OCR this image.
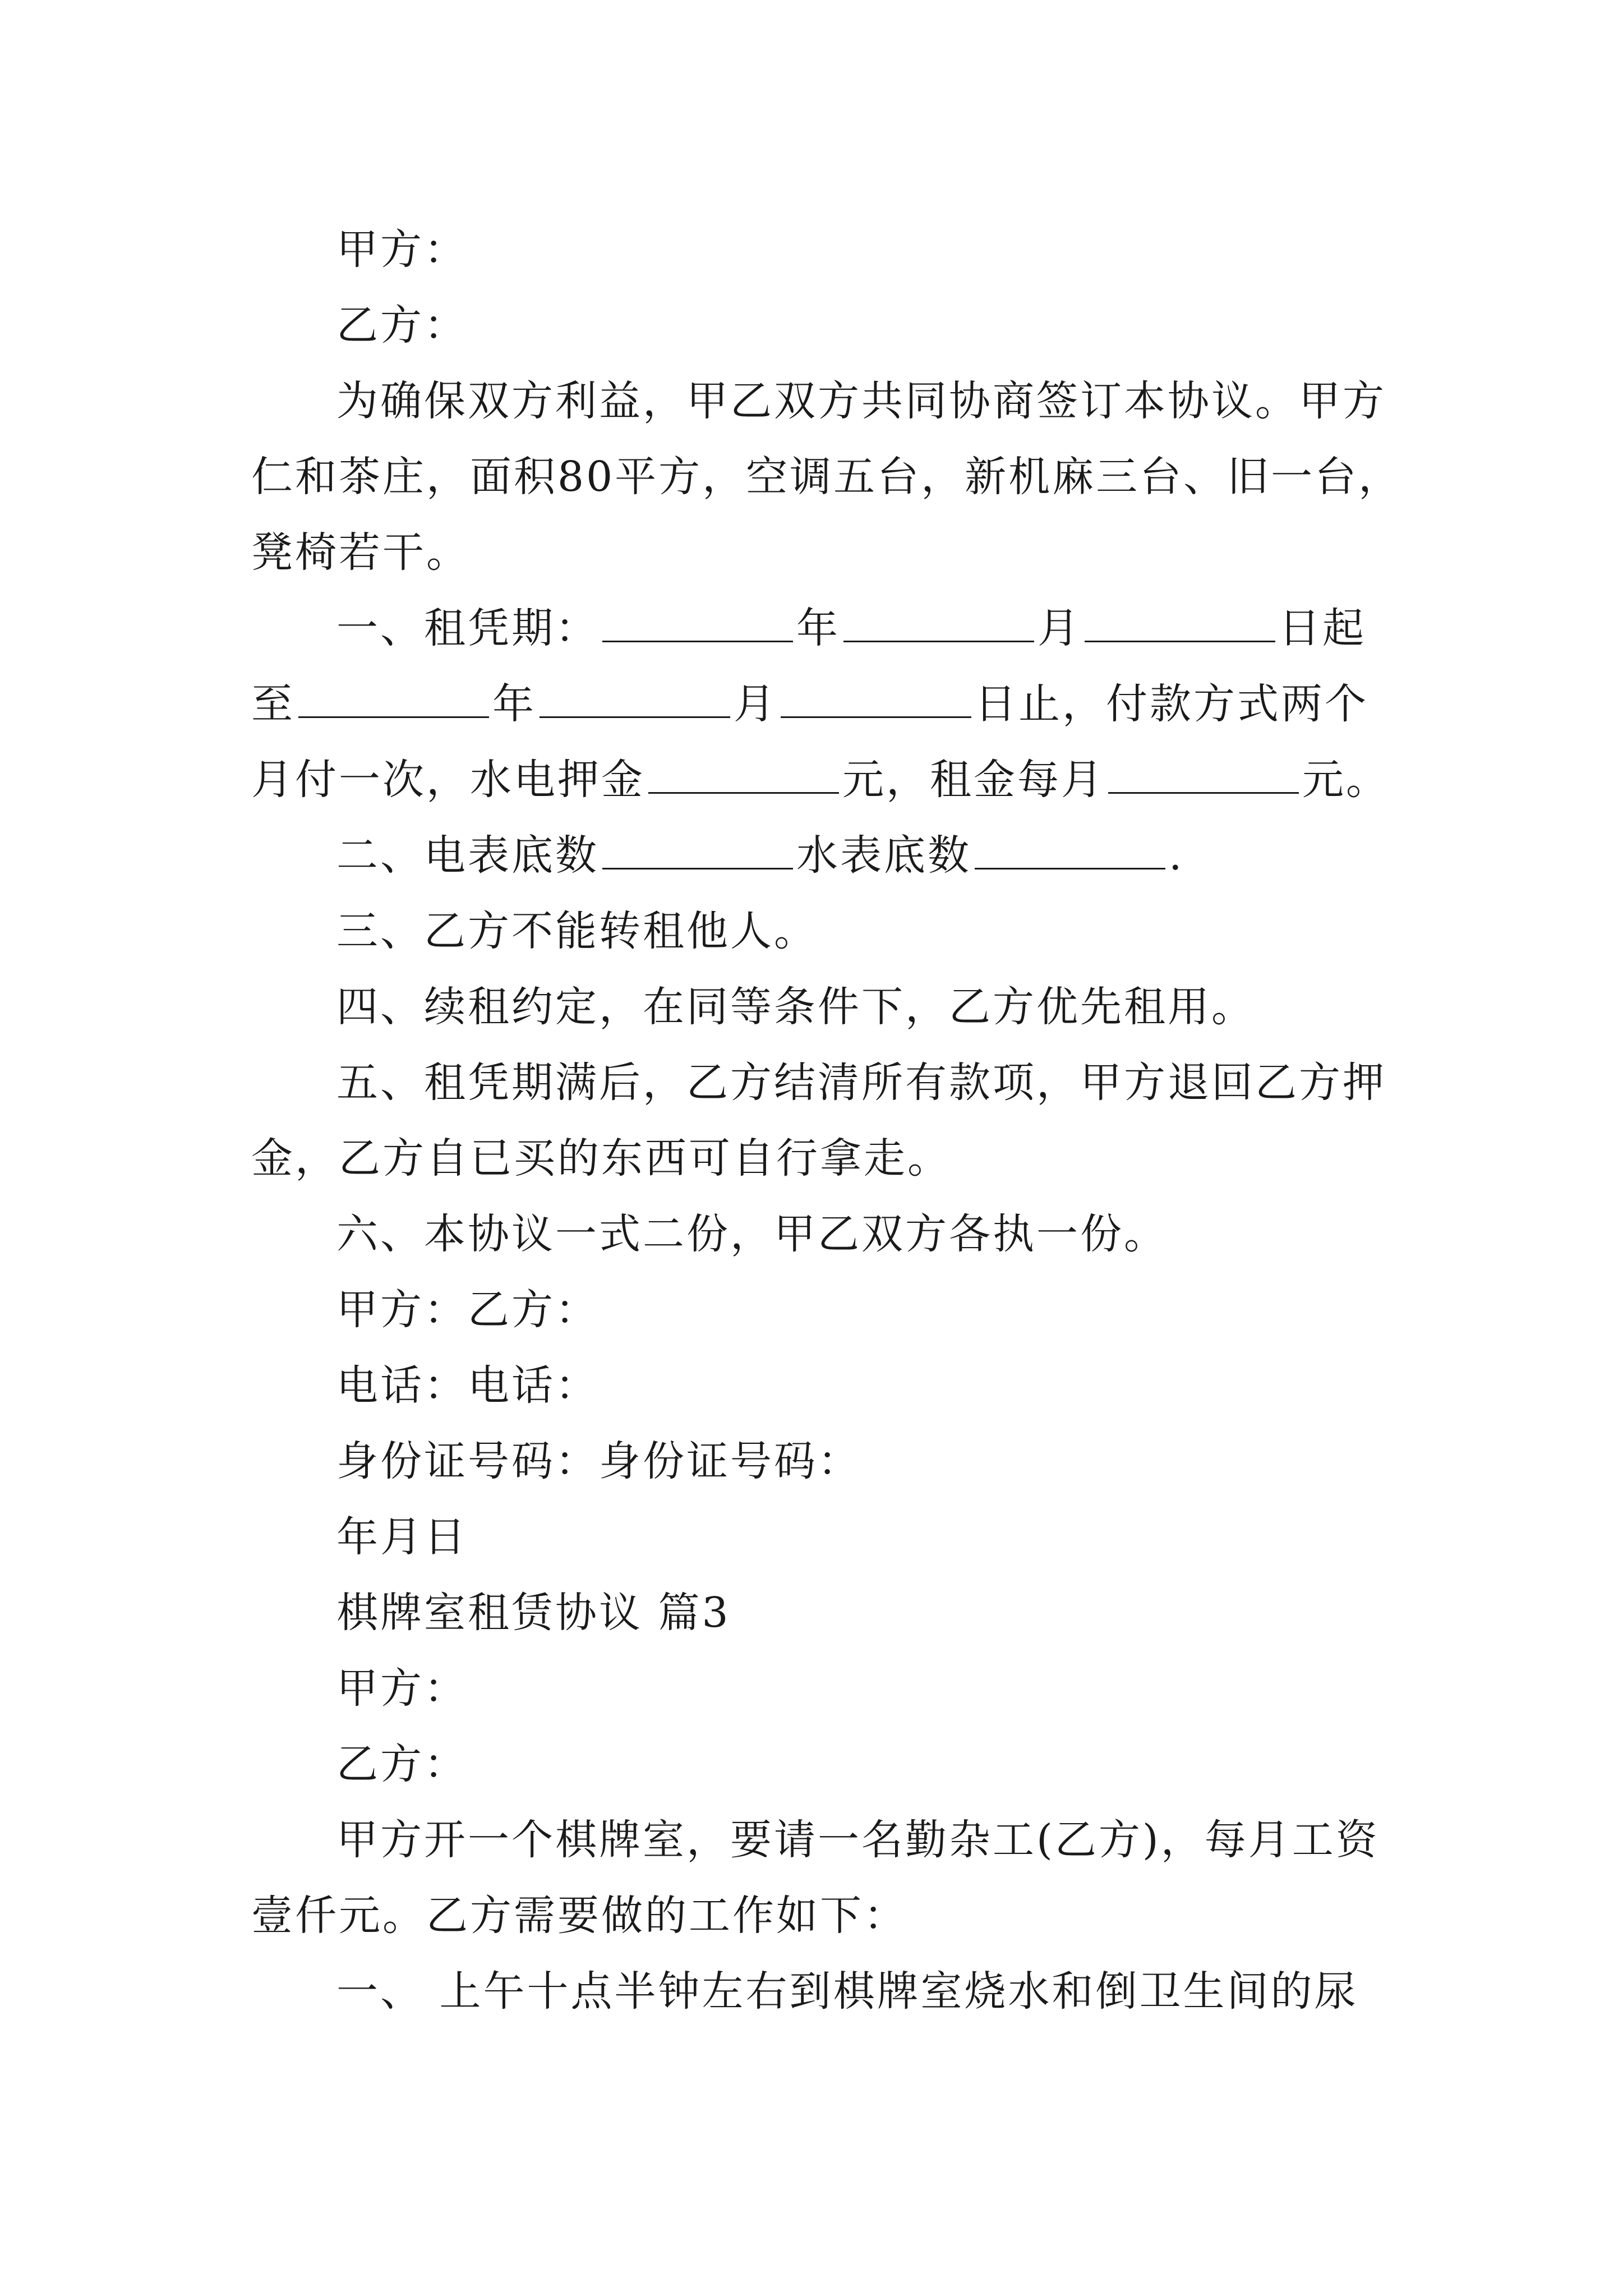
甲方：
乙方：
为确保双方利益，甲乙双方共同协商签订本协议。甲方
仁和茶庄，面积80平方，空调五台，新机麻三台、旧一台，
凳椅若干。
一、租凭期：	年	月	日起
至	年	月	日止，付款方式两个
月付一次，水电押金	元，租金每月	元。
二、电表底数	水表底数	.
三、乙方不能转租他人。
四、续租约定，在同等条件下，乙方优先租用。
五、租凭期满后，乙方结清所有款项，甲方退回乙方押
金，乙方自已买的东西可自行拿走。
六、本协议一式二份，甲乙双方各执一份。
甲方：乙方：
电话：电话：
身份证号码：身份证号码：
年月日
棋牌室租赁协议 篇3
甲方：
乙方：
甲方开一个棋牌室，要请一名勤杂工(乙方)，每月工资
壹仟元。乙方需要做的工作如下：
一、 上午十点半钟左右到棋牌室烧水和倒卫生间的尿
